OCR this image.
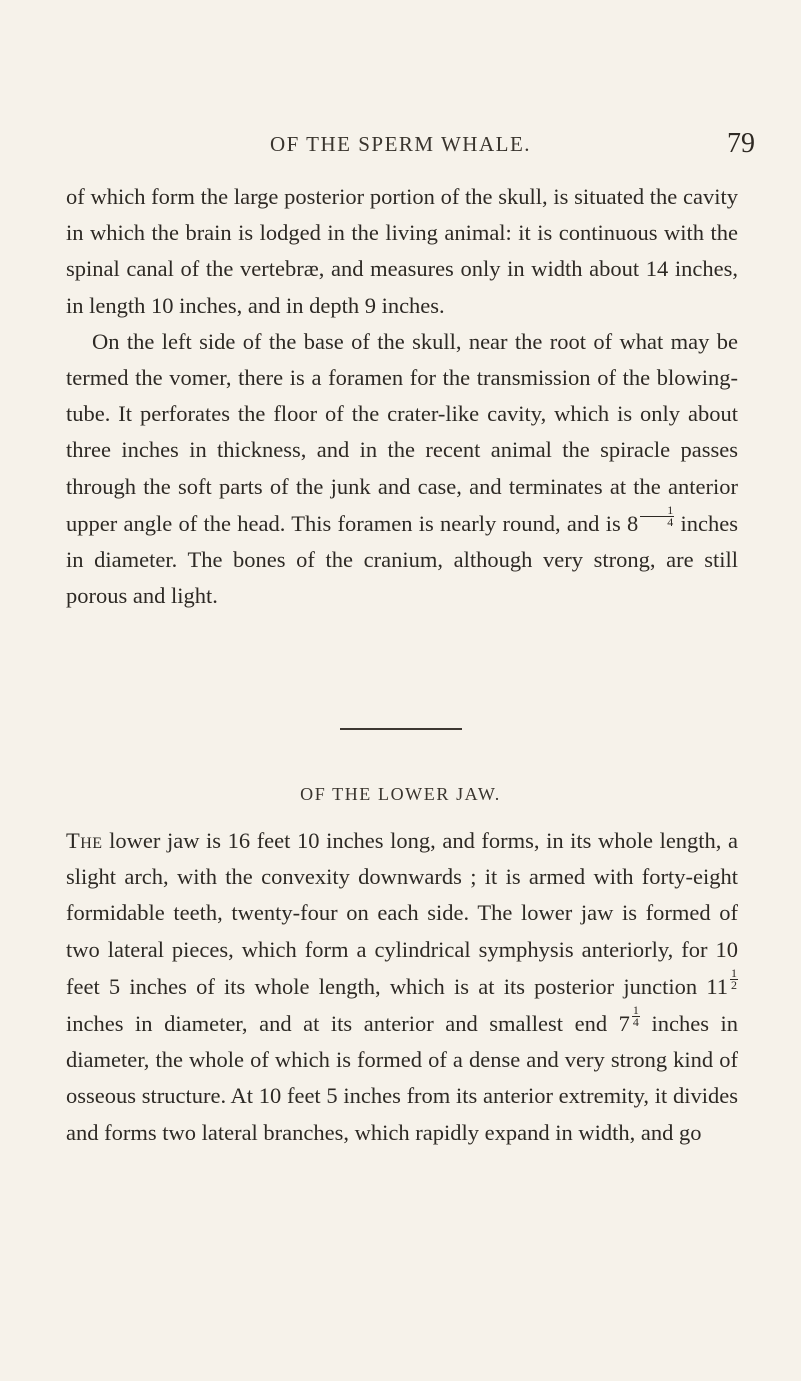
OF THE SPERM WHALE.	79

of which form the large posterior portion of the skull, is situated the cavity in which the brain is lodged in the living animal: it is continuous with the spinal canal of the vertebræ, and measures only in width about 14 inches, in length 10 inches, and in depth 9 inches.

On the left side of the base of the skull, near the root of what may be termed the vomer, there is a foramen for the transmission of the blowing-tube. It perforates the floor of the crater-like cavity, which is only about three inches in thickness, and in the recent animal the spiracle passes through the soft parts of the junk and case, and terminates at the anterior upper angle of the head. This foramen is nearly round, and is $8 \frac{1}{4}$ inches in diameter. The bones of the cranium, although very strong, are still porous and light.

OF THE LOWER JAW.

The lower jaw is 16 feet 10 inches long, and forms, in its whole length, a slight arch, with the convexity downwards ; it is armed with forty-eight formidable teeth, twenty-four on each side. The lower jaw is formed of two lateral pieces, which form a cylindrical symphysis anteriorly, for 10 feet 5 inches of its whole length, which is at its posterior junction $11 \frac{1}{2}$
inches in diameter, and at its anterior and smallest end $7 \frac{1}{4}$ inches in diameter, the whole of which is formed of a dense and very strong kind of osseous structure. At 10 feet 5 inches from its anterior extremity, it divides and forms two lateral branches, which rapidly expand in width, and go
